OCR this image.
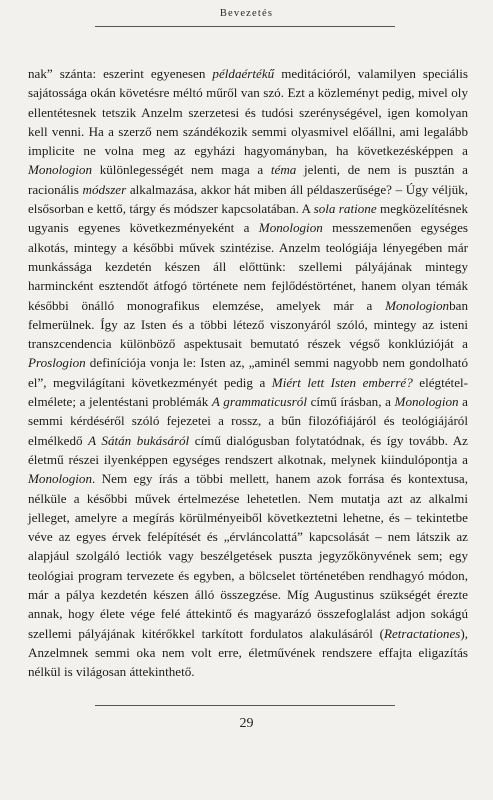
Bevezetés

nak” szánta: eszerint egyenesen példaértékű meditációról, valamilyen speciális sajátossága okán követésre méltó műről van szó. Ezt a közleményt pedig, mivel oly ellentétesnek tetszik Anzelm szerzetesi és tudósi szerénységével, igen komolyan kell venni. Ha a szerző nem szándékozik semmi olyasmivel előállni, ami legalább implicite ne volna meg az egyházi hagyományban, ha következésképpen a Monologion különlegességét nem maga a téma jelenti, de nem is pusztán a racionális módszer alkalmazása, akkor hát miben áll példaszerűsége? – Úgy véljük, elsősorban e kettő, tárgy és módszer kapcsolatában. A sola ratione megközelítésnek ugyanis egyenes következményeként a Monologion messzemenően egységes alkotás, mintegy a későbbi művek szintézise. Anzelm teológiája lényegében már munkássága kezdetén készen áll előttünk: szellemi pályájának mintegy harmincként esztendőt átfogó története nem fejlődéstörténet, hanem olyan témák későbbi önálló monografikus elemzése, amelyek már a Monologionban felmerülnek. Így az Isten és a többi létező viszonyáról szóló, mintegy az isteni transzcendencia különböző aspektusait bemutató részek végső konklúzióját a Proslogion definíciója vonja le: Isten az, „aminél semmi nagyobb nem gondolható el”, megvilágítani következményét pedig a Miért lett Isten emberré? elégtétel-elmélete; a jelentéstani problémák A grammaticusról című írásban, a Monologion a semmi kérdéséről szóló fejezetei a rossz, a bűn filozófiájáról és teológiájáról elmélkedő A Sátán bukásáról című dialógusban folytatódnak, és így tovább. Az életmű részei ilyenképpen egységes rendszert alkotnak, melynek kiindulópontja a Monologion. Nem egy írás a többi mellett, hanem azok forrása és kontextusa, nélküle a későbbi művek értelmezése lehetetlen. Nem mutatja azt az alkalmi jelleget, amelyre a megírás körülményeiből következtetni lehetne, és – tekintetbe véve az egyes érvek felépítését és „érvláncolattá” kapcsolását – nem látszik az alapjául szolgáló lectiók vagy beszélgetések puszta jegyzőkönyvének sem; egy teológiai program tervezete és egyben, a bölcselet történetében rendhagyó módon, már a pálya kezdetén készen álló összegzése. Míg Augustinus szükségét érezte annak, hogy élete vége felé áttekintő és magyarázó összefoglalást adjon sokágú szellemi pályájának kitérőkkel tarkított fordulatos alakulásáról (Retractationes), Anzelmnek semmi oka nem volt erre, életművének rendszere effajta eligazítás nélkül is világosan áttekinthető.

29
